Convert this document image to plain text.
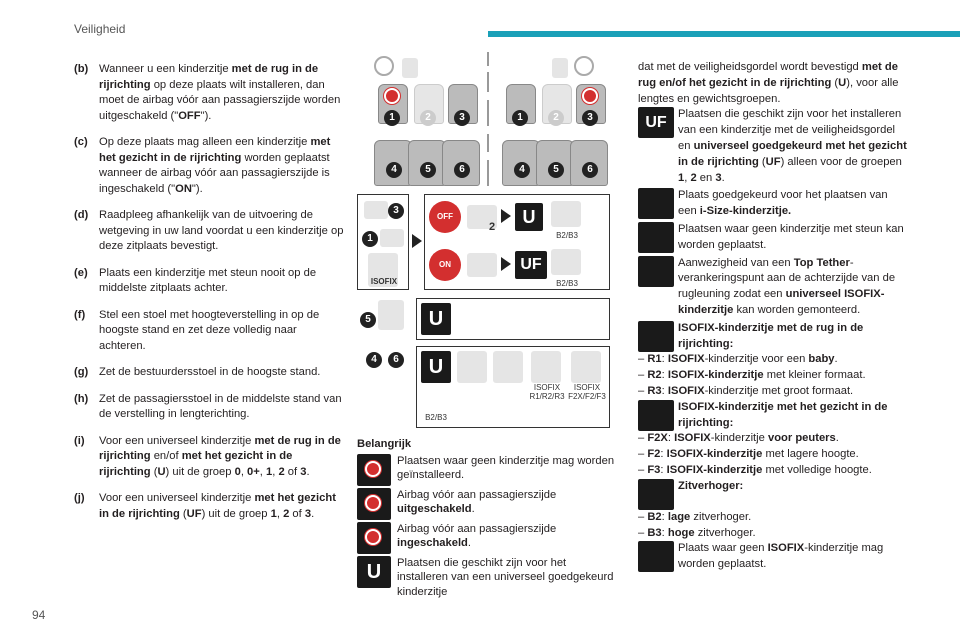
Veiligheid
94
(b) Wanneer u een kinderzitje met de rug in de rijrichting op deze plaats wilt installeren, dan moet de airbag vóór aan passagierszijde worden uitgeschakeld ("OFF").
(c)	Op deze plaats mag alleen een kinderzitje met het gezicht in de rijrichting worden geplaatst wanneer de airbag vóór aan passagierszijde is ingeschakeld ("ON").
(d) Raadpleeg afhankelijk van de uitvoering de wetgeving in uw land voordat u een kinderzitje op deze zitplaats bevestigt.
(e)	Plaats een kinderzitje met steun nooit op de middelste zitplaats achter.
(f)	Stel een stoel met hoogteverstelling in op de hoogste stand en zet deze volledig naar achteren.
(g) Zet de bestuurdersstoel in de hoogste stand.
(h) Zet de passagiersstoel in de middelste stand van de verstelling in lengterichting.
(i)	Voor een universeel kinderzitje met de rug in de rijrichting en/of met het gezicht in de rijrichting (U) uit de groep 0, 0+, 1, 2 of 3.
(j)	Voor een universeel kinderzitje met het gezicht in de rijrichting (UF) uit de groep 1, 2 of 3.
1	2	3
4	5	6
1	2	3
4	5	6
3
1
ISOFIX
OFF
2	U
B2/B3
ON	UF
B2/B3
5	U
4	6	U
ISOFIX
R1/R2/R3
ISOFIX
F2X/F2/F3
B2/B3
Belangrijk
Plaatsen waar geen kinderzitje mag worden geïnstalleerd.
Airbag vóór aan passagierszijde uitgeschakeld.
Airbag vóór aan passagierszijde ingeschakeld.
U	Plaatsen die geschikt zijn voor het installeren van een universeel goedgekeurd kinderzitje
dat met de veiligheidsgordel wordt bevestigd met de rug en/of het gezicht in de rijrichting (U), voor alle lengtes en gewichtsgroepen.
UF	Plaatsen die geschikt zijn voor het installeren van een kinderzitje met de veiligheidsgordel en universeel goedgekeurd met het gezicht in de rijrichting (UF) alleen voor de groepen 1, 2 en 3.
Plaats goedgekeurd voor het plaatsen van een i-Size-kinderzitje.
Plaatsen waar geen kinderzitje met steun kan worden geplaatst.
Aanwezigheid van een Top Tether-verankeringspunt aan de achterzijde van de rugleuning zodat een universeel ISOFIX-kinderzitje kan worden gemonteerd.
ISOFIX-kinderzitje met de rug in de rijrichting:
– R1: ISOFIX-kinderzitje voor een baby.
– R2: ISOFIX-kinderzitje met kleiner formaat.
– R3: ISOFIX-kinderzitje met groot formaat.
ISOFIX-kinderzitje met het gezicht in de rijrichting:
– F2X: ISOFIX-kinderzitje voor peuters.
– F2: ISOFIX-kinderzitje met lagere hoogte.
– F3: ISOFIX-kinderzitje met volledige hoogte.
Zitverhoger:
– B2: lage zitverhoger.
– B3: hoge zitverhoger.
Plaats waar geen ISOFIX-kinderzitje mag worden geplaatst.
